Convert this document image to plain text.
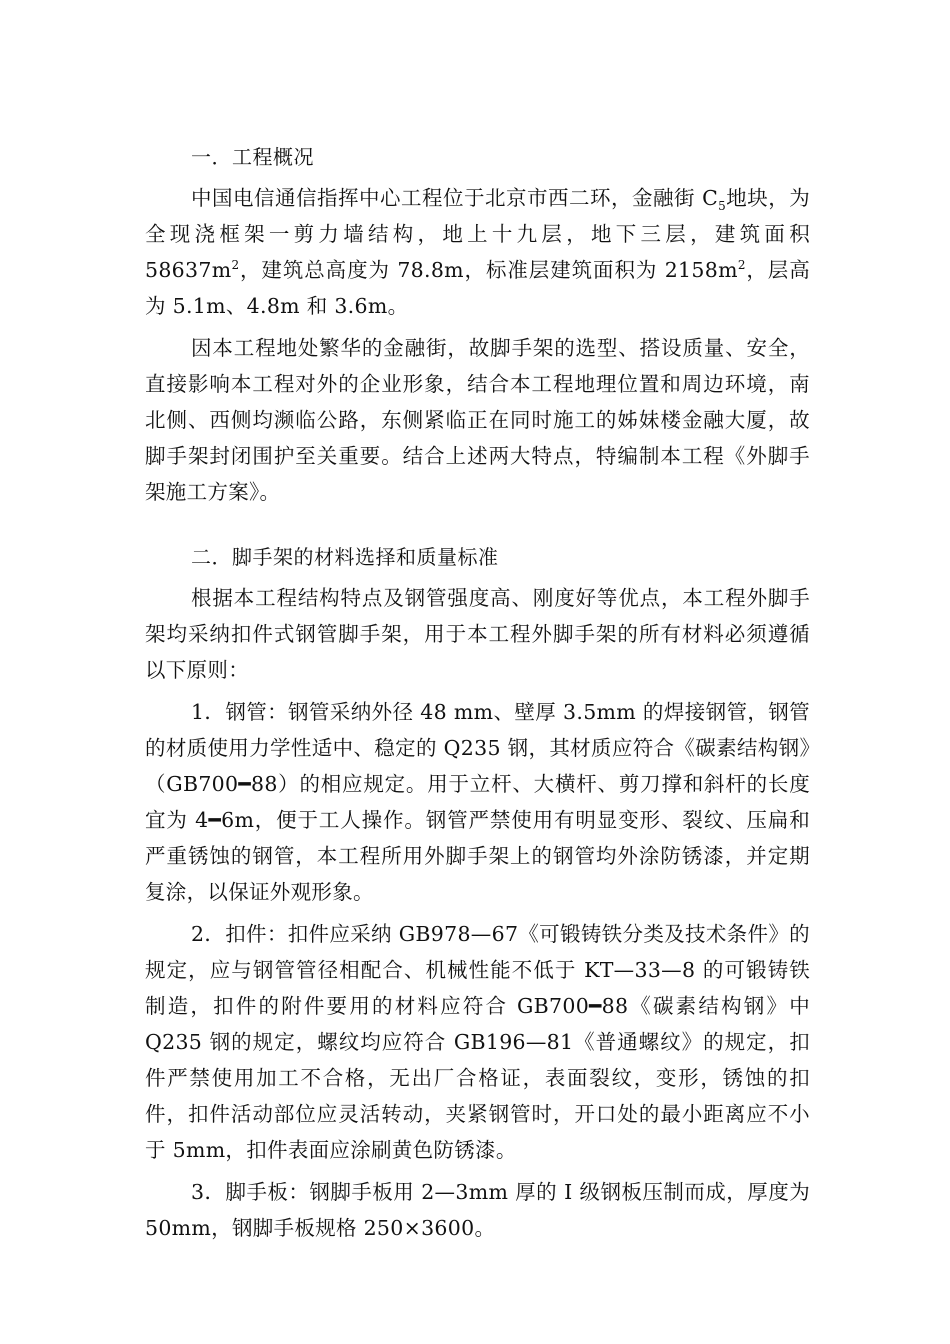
一．工程概况

中国电信通信指挥中心工程位于北京市西二环，金融街 $C_5$地块，为全现浇框架一剪力墙结构，地上十九层，地下三层，建筑面积 $58637m^2$，建筑总高度为 78.8m，标准层建筑面积为 $2158m^2$，层高为 5.1m、4.8m 和 3.6m。

因本工程地处繁华的金融街，故脚手架的选型、搭设质量、安全，直接影响本工程对外的企业形象，结合本工程地理位置和周边环境，南北侧、西侧均濒临公路，东侧紧临正在同时施工的姊妹楼金融大厦，故脚手架封闭围护至关重要。结合上述两大特点，特编制本工程《外脚手架施工方案》。

二．脚手架的材料选择和质量标准

根据本工程结构特点及钢管强度高、刚度好等优点，本工程外脚手架均采纳扣件式钢管脚手架，用于本工程外脚手架的所有材料必须遵循以下原则：

1．钢管：钢管采纳外径 48 mm、壁厚 3.5mm 的焊接钢管，钢管的材质使用力学性适中、稳定的 Q235 钢，其材质应符合《碳素结构钢》（GB700━88）的相应规定。用于立杆、大横杆、剪刀撑和斜杆的长度宜为 4━6m，便于工人操作。钢管严禁使用有明显变形、裂纹、压扁和严重锈蚀的钢管，本工程所用外脚手架上的钢管均外涂防锈漆，并定期复涂，以保证外观形象。

2．扣件：扣件应采纳 GB978—67《可锻铸铁分类及技术条件》的规定，应与钢管管径相配合、机械性能不低于 KT—33—8 的可锻铸铁制造，扣件的附件要用的材料应符合 GB700━88《碳素结构钢》中 Q235 钢的规定，螺纹均应符合 GB196—81《普通螺纹》的规定，扣件严禁使用加工不合格，无出厂合格证，表面裂纹，变形，锈蚀的扣件，扣件活动部位应灵活转动，夹紧钢管时，开口处的最小距离应不小于 5mm，扣件表面应涂刷黄色防锈漆。

3．脚手板：钢脚手板用 2—3mm 厚的 I 级钢板压制而成，厚度为 50mm，钢脚手板规格 250×3600。
